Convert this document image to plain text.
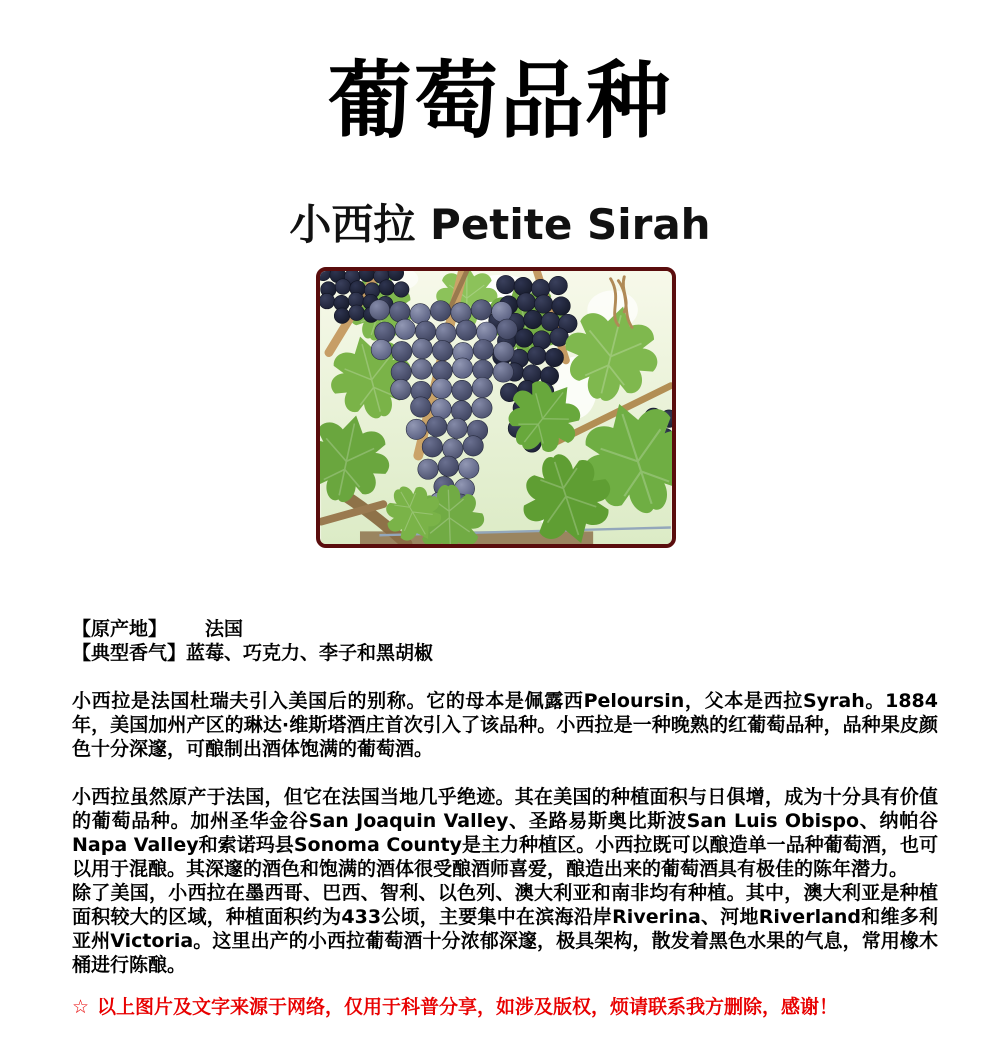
葡萄品种
小西拉 Petite Sirah
【原产地】 法国
【典型香气】蓝莓、巧克力、李子和黑胡椒

小西拉是法国杜瑞夫引入美国后的别称。它的母本是佩露西Peloursin，父本是西拉Syrah。1884年，美国加州产区的琳达·维斯塔酒庄首次引入了该品种。小西拉是一种晚熟的红葡萄品种，品种果皮颜色十分深邃，可酿制出酒体饱满的葡萄酒。

小西拉虽然原产于法国，但它在法国当地几乎绝迹。其在美国的种植面积与日俱增，成为十分具有价值的葡萄品种。加州圣华金谷San Joaquin Valley、圣路易斯奥比斯波San Luis Obispo、纳帕谷Napa Valley和索诺玛县Sonoma County是主力种植区。小西拉既可以酿造单一品种葡萄酒，也可以用于混酿。其深邃的酒色和饱满的酒体很受酿酒师喜爱，酿造出来的葡萄酒具有极佳的陈年潜力。

除了美国，小西拉在墨西哥、巴西、智利、以色列、澳大利亚和南非均有种植。其中，澳大利亚是种植面积较大的区域，种植面积约为433公顷，主要集中在滨海沿岸Riverina、河地Riverland和维多利亚州Victoria。这里出产的小西拉葡萄酒十分浓郁深邃，极具架构，散发着黑色水果的气息，常用橡木桶进行陈酿。

☆ 以上图片及文字来源于网络，仅用于科普分享，如涉及版权，烦请联系我方删除，感谢！
